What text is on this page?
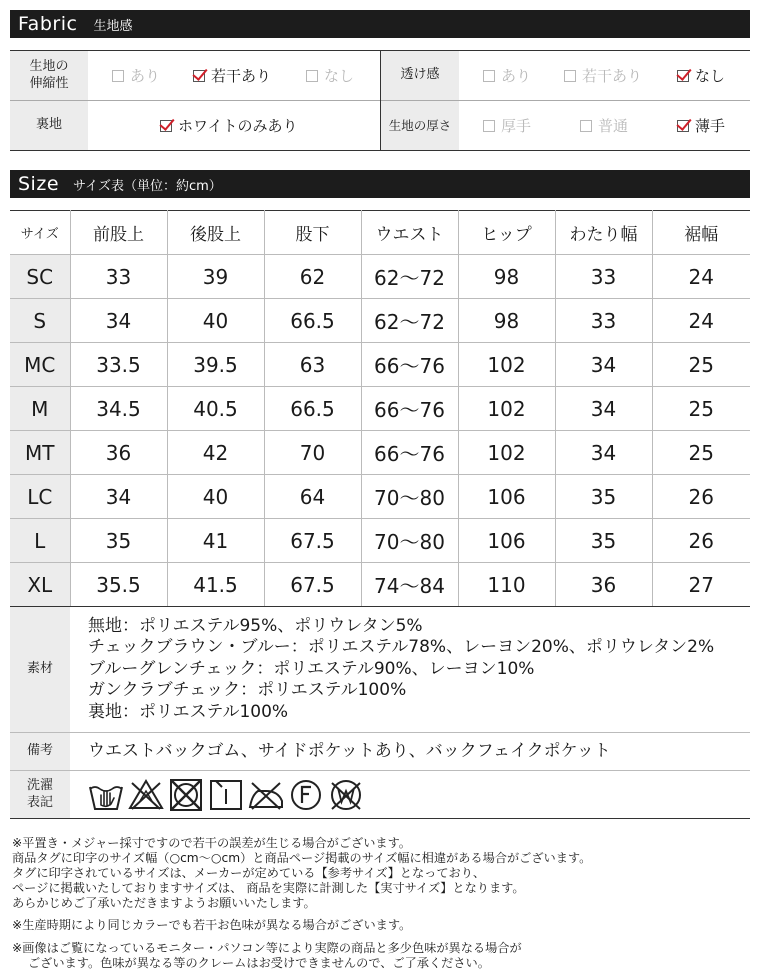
Fabric 生地感
生地の
伸縮性	あり	若干あり	なし	透け感	あり	若干あり	なし
裏地	ホワイトのみあり	生地の厚さ	厚手	普通	薄手
Size サイズ表（単位：約cm）
サイズ	前股上	後股上	股下	ウエスト	ヒップ	わたり幅	裾幅
SC	33	39	62	62〜72	98	33	24
S	34	40	66.5	62〜72	98	33	24
MC	33.5	39.5	63	66〜76	102	34	25
M	34.5	40.5	66.5	66〜76	102	34	25
MT	36	42	70	66〜76	102	34	25
LC	34	40	64	70〜80	106	35	26
L	35	41	67.5	70〜80	106	35	26
XL	35.5	41.5	67.5	74〜84	110	36	27
素材
無地：ポリエステル95%、ポリウレタン5%
チェックブラウン・ブルー：ポリエステル78%、レーヨン20%、ポリウレタン2%
ブルーグレンチェック：ポリエステル90%、レーヨン10%
ガンクラブチェック：ポリエステル100%
裏地：ポリエステル100%
備考	ウエストバックゴム、サイドポケットあり、バックフェイクポケット
洗濯
表記
※平置き・メジャー採寸ですので若干の誤差が生じる場合がございます。
商品タグに印字のサイズ幅（○cm〜○cm）と商品ページ掲載のサイズ幅に相違がある場合がございます。
タグに印字されているサイズは、メーカーが定めている【参考サイズ】となっており、
ページに掲載いたしておりますサイズは、 商品を実際に計測した【実寸サイズ】となります。
あらかじめご了承いただきますようお願いいたします。
※生産時期により同じカラーでも若干お色味が異なる場合がございます。
※画像はご覧になっているモニター・パソコン等により実際の商品と多少色味が異なる場合が
ございます。色味が異なる等のクレームはお受けできませんので、ご了承ください。
